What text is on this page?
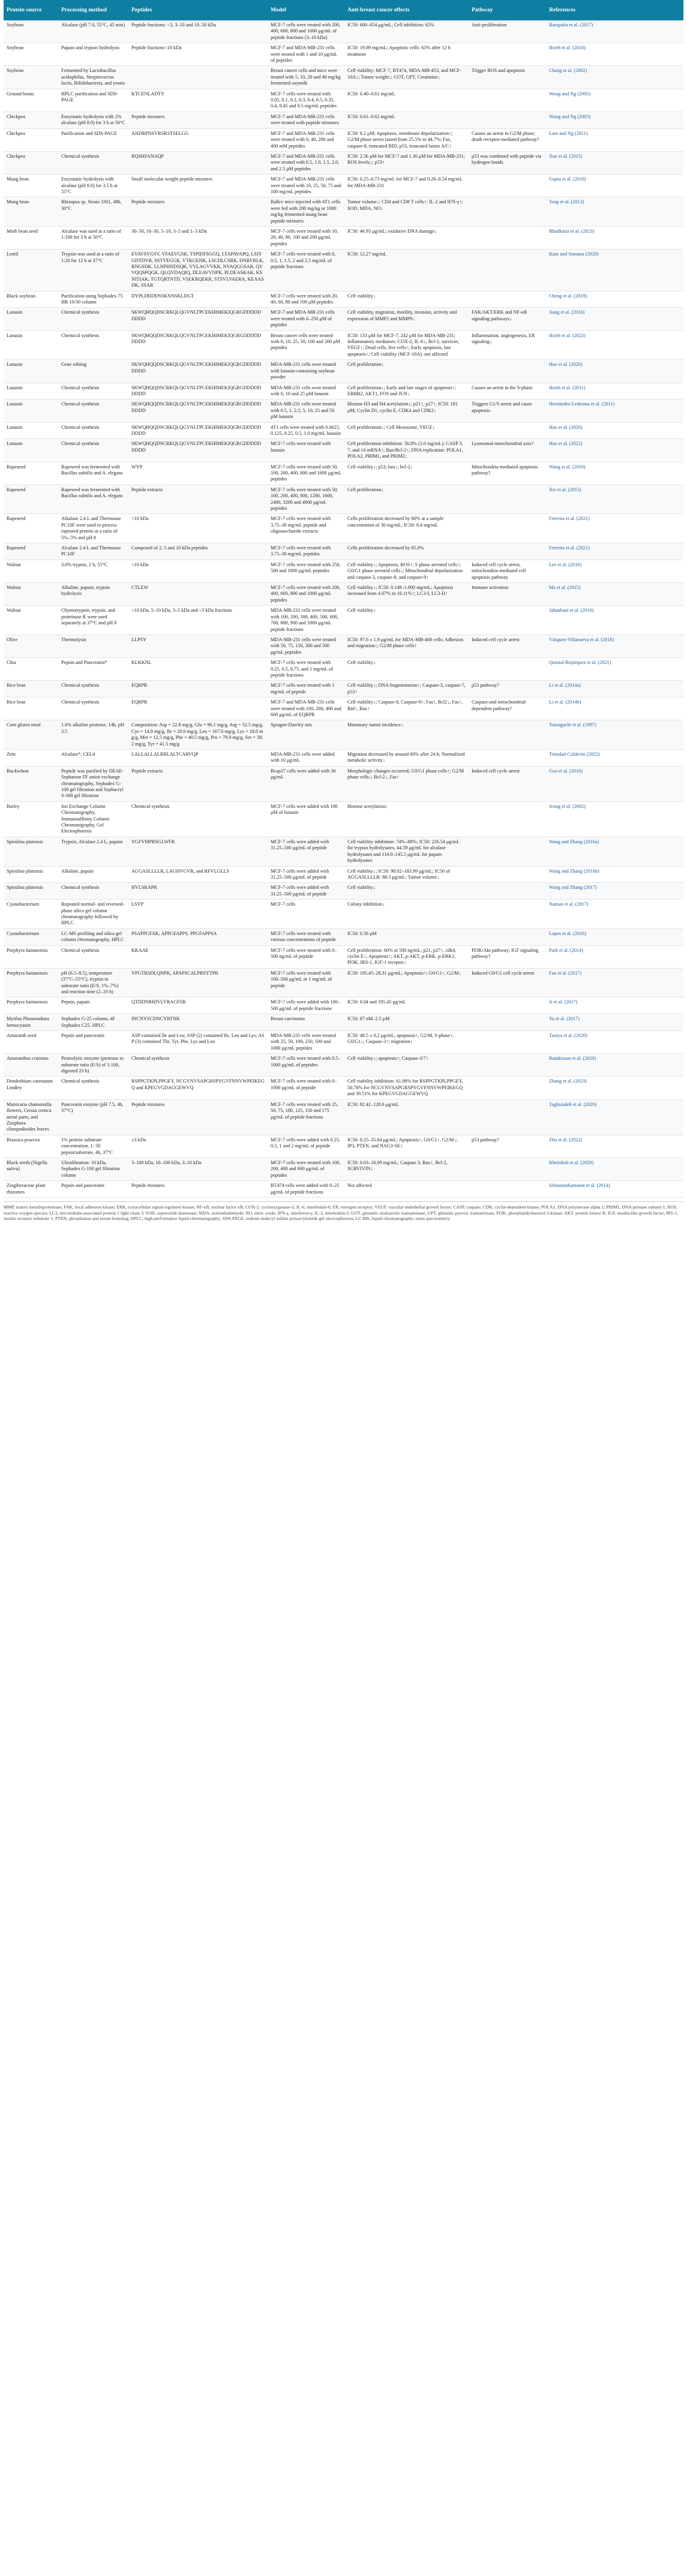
Protein source	Processing method	Peptides	Model	Anti-breast cancer effects	Pathway	References
Soybean	Alcalase (pH 7.0, 55°C, 45 min)	Peptide fractions: <3, 3–10 and 10–50 kDa	MCF-7 cells were treated with 200, 400, 600, 800 and 1000 μg/mL of peptide fractions (3–10 kDa)	IC50: 600–654 μg/mL; Cell inhibition: 65%	Anti-proliferation	Barapatia et al. (2017)
Soybean	Papain and trypsin hydrolysis	Peptide fractions<10 kDa	MCF-7 and MDA-MB-231 cells were treated with 1 and 10 μg/mL of peptides	IC50: 19.89 mg/mL; Apoptotic cells: 63% after 12 h treatment		Hsieh et al. (2016)
Soybean	Fermented by Lactobacillus acidophilus, Streptococcus lactis, Bifidobacteria, and yeasts		Breast cancer cells and mice were treated with 5, 10, 20 and 40 mg/kg fermented soymilk	Cell viability: MCF-7, BT474, MDA-MB-453, and MCF-10A↓; Tumor weight↓; GOT, GPT, Creatinine↓	Trigger ROS and apoptosis	Chang et al. (2002)
Ground beans	HPLC purification and SDS-PAGE	KTCENLADTY	MCF-7 cells were treated with 0.05, 0.1, 0.2, 0.3, 0.4, 0.5, 0.35, 0.4, 0.45 and 0.5 mg/mL peptides	IC50: 0.40–0.61 mg/mL		Wong and Ng (2005)
Chickpea	Enzymatic hydrolysis with 2% alcalase (pH 8.0) for 3 h at 50°C	Peptide mixtures	MCF-7 and MDA-MB-231 cells were treated with peptide mixtures	IC50: 0.61–0.62 mg/mL		Wong and Ng (2005)
Chickpea	Purification and SDS-PAGE	ANDRPNSVRSRSTSELGG	MCF-7 and MDA-MB-231 cells were treated with 0, 40, 200 and 400 mM peptides	IC50: 8.2 μM; Apoptosis, membrane depolarization↑; G2/M phase arrest raised from 25.5% to 44.7%; Fas, caspase-8, truncated BID, p53, truncated lamin A/C↑	Causes an arrest in G2/M phase; death receptor-mediated pathway?	Lam and Ng (2011)
Chickpea	Chemical synthesis	RQSHFANAQP	MCF-7 and MDA-MB-231 cells were treated with 0.5, 1.0, 1.5, 2.0, and 2.5 μM peptides	IC50: 2.56 μM for MCF-7 and 1.30 μM for MDA-MB-231; ROS levels↓; p53↑	p53 was combined with peptide via hydrogen bonds	Xue et al. (2015)
Mung bean	Enzymatic hydrolysis with alcalase (pH 8.0) for 3.5 h at 55°C	Small molecular weight peptide mixtures	MCF-7 and MDA-MB-231 cells were treated with 10, 25, 50, 75 and 100 mg/mL peptides	IC50: 0.25–0.73 mg/mL for MCF-7 and 0.26–0.54 mg/mL for MDA-MB-231		Gupta et al. (2018)
Mung bean	Rhizopus sp. Strain 3301, 48h, 30°C	Peptide mixtures	Balb/c mice injected with 4T1 cells were fed with 200 mg/kg or 1000 mg/kg fermented mung bean peptide mixtures	Tumor volume↓; CD4 and CD8 T cells↑; IL-2 and IFN-γ↑; SOD, MDA, NO↓		Yeap et al. (2013)
Moth bean seed	Alcalase was used at a ratio of 1:100 for 3 h at 50°C	30–50, 10–30, 5–10, 3–5 and 1–3 kDa	MCF-7 cells were treated with 10, 20, 40, 80, 100 and 200 μg/mL peptides	IC50: 46.93 μg/mL; oxidative DNA damage↓		Bhadkaria et al. (2023)
Lentil	Trypsin was used at a ratio of 1:20 for 12 h at 37°C	EVAVSVGSV, YFAEVGSK, TSPIDFSGGQ, LTAPAVAPQ, LSIYGDTDVR, SSTVEGGK, VTKGENK, LSCDLCSRK, DNRVRLK, RNGSDK, LLNPHNDSQK, VVLAGVVKK, NVAQGGSAR, QVVQQSPQGK, QLQVDAQIQ, DLEAVVNPK, PLDEASKAK, KSNITIAK, TGTQRTNTD, VSEKRQEKR, STSVLVAERA, KEAASDK, SSAR	MCF-7 cells were treated with 0, 0.5, 1, 1.5, 2 and 2.5 mg/mL of peptide fractions	IC50: 12.27 mg/mL		Kaur and Sumana (2020)
Black soybean	Purification using Sephadex 75 HR 10/30 column	DYPLDHDDSSKNNSKLDGT	MCF-7 cells were treated with 20, 40, 60, 80 and 100 μM peptides	Cell viability↓		Cheng et al. (2019)
Lunasin	Chemical synthesis	SKWQHQQDSCRKQLQGVNLTPCEKHIMEKIQGRGDDDDDDDDD	MCF-7 and MDA-MB-231 cells were treated with 0–250 μM of peptides	Cell viability, migration, motility, invasion, activity and expression of MMP2 and MMP9↓	FAK/AKT/ERK and NF-κB signaling pathways↓	Jiang et al. (2016)
Lunasin	Chemical synthesis	SKWQHQQDSCRKQLQGVNLTPCEKHIMEKIQGRGDDDDDDDDD	Breast cancer cells were treated with 0, 10, 25, 50, 100 and 200 μM peptides	IC50: 133 μM for MCF-7, 242 μM for MDA-MB-231; Inflammatory mediators: COX-2, IL-6↓; Bcl-2, survivin, VEGF↓; Dead cells, live cells↑; Early apoptosis, late apoptosis↑; Cell viability (MCF-10A): not affected	Inflammation, angiogenesis, ER signaling↓	Hsieh et al. (2023)
Lunasin	Gene editing	SKWQHQQDSCRKQLQGVNLTPCEKHIMEKIQGRGDDDDDDDDD	MDA-MB-231 cells were treated with lunasin-containing soybean powder	Cell proliferation↓		Hao et al. (2020)
Lunasin	Chemical synthesis	SKWQHQQDSCRKQLQGVNLTPCEKHIMEKIQGRGDDDDDDDDD	MDA-MB-231 cells were treated with 0, 10 and 25 μM lunasin	Cell proliferation↓; Early and late stages of apoptosis↑; ERBB2, AKT1, FOS and JUN↓	Causes an arrest in the S-phase	Hsieh et al. (2011)
Lunasin	Chemical synthesis	SKWQHQQDSCRKQLQGVNLTPCEKHIMEKIQGRGDDDDDDDDD	MDA-MB-231 cells were treated with 0.5, 1, 2.5, 5, 10, 25 and 50 μM lunasin	Histone H3 and H4 acetylation↓; p21↑, p27↑; IC50: 181 μM; Cyclin D1, cyclin E, CDK4 and CDK2↓	Triggers G1/S arrest and cause apoptosis	Hernández-Ledesma et al. (2011)
Lunasin	Chemical synthesis	SKWQHQQDSCRKQLQGVNLTPCEKHIMEKIQGRGDDDDDDDDD	4T1 cells were treated with 0.0625, 0.125, 0.25, 0.5, 1.0 mg/mL lunasin	Cell proliferation↓; Cell Mesosome, VEGF↓		Hao et al. (2020)
Lunasin	Chemical synthesis	SKWQHQQDSCRKQLQGVNLTPCEKHIMEKIQGRGDDDDDDDDD	MCF-7 cells were treated with lunasin	Cell proliferation inhibition: 56.8% (1.0 mg/mL); CASP 3, 7, and 14 mRNA↑; Bax/Bcl-2↑; DNA replication: POLA1, POLA2, PRIM1, and PRIM2↓	Lysosomal-mitochondrial axis?	Hao et al. (2022)
Rapeseed	Rapeseed was fermented with Bacillus subtilis and A. elegans	WYP	MCF-7 cells were treated with 50, 100, 200, 400, 800 and 1600 μg/mL peptides	Cell viability↓; p53, bax↑, bcl-2↓	Mitochondria-mediated apoptosis pathway?	Wang et al. (2016)
Rapeseed	Rapeseed was fermented with Bacillus subtilis and A. elegans	Peptide extracts	MCF-7 cells were treated with 50, 100, 200, 400, 800, 1200, 1600, 2400, 3200 and 4800 μg/mL peptides	Cell proliferation↓		Xie et al. (2015)
Rapeseed	Alkalase 2.4 L and Thermoase PC10F were used to process rapeseed protein at a ratio of 5%–5% and pH 8	<10 kDa	MCF-7 cells were treated with 3.75–30 mg/mL peptide and oligosaccharide extracts	Cells proliferation decreased by 80% at a sample concentration of 30 mg/mL; IC50: 8.4 mg/mL		Ferreira et al. (2021)
Rapeseed	Alcalase 2.4 L and Thermoase PC10F	Composed of 2, 5 and 10 kDa peptides	MCF-7 cells were treated with 3.75–30 mg/mL peptides	Cells proliferation decreased by 85.0%		Ferreira et al. (2021)
Walnut	3.0% trypsin, 2 h, 55°C	<10 kDa	MCF-7 cells were treated with 250, 500 and 1000 μg/mL peptides	Cell viability↓; Apoptosis, ROS↑; S phase arrested cells↑; G0/G1 phase arrested cells↓; Mitochondrial depolarization and caspase-3, caspase-8, and caspase-9↑	Induced cell cycle arrest, mitochondria-mediated cell apoptosis pathway	Lee et al. (2016)
Walnut	Alkaline, papain, trypsin hydrolysis	CTLEW	MCF-7 cells were treated with 200, 400, 600, 800 and 1000 μg/mL peptides	Cell viability↓; IC50: 0.149–1.000 mg/mL; Apoptosis increased from 4.07% to 16.11%↑; LC3-I, LC3-II↑	Immune activation	Ma et al. (2015)
Walnut	Chymotrypsin, trypsin, and proteinase K were used separately at 37°C and pH 8	<10 kDa, 5–10 kDa, 3–5 kDa and <3 kDa fractions	MDA-MB-231 cells were treated with 100, 200, 300, 400, 500, 600, 700, 800, 900 and 1000 μg/mL peptide fractions	Cell viability↓		Jahanbani et al. (2016)
Olive	Thermolysin	LLPSY	MDA-MB-231 cells were treated with 50, 75, 150, 300 and 500 μg/mL peptides	IC50: 97.6 ± 1.9 μg/mL for MDA-MB-468 cells; Adhesion and migration↓; G2/M phase cells↑	Induced cell cycle arrest	Vásquez-Villanueva et al. (2018)
Chia	Pepsin and Pancreatin*	KLKKNL	MCF-7 cells were treated with 0.25, 0.5, 0.75, and 1 mg/mL of peptide fractions	Cell viability↓		Quintal-Bojórquez et al. (2021)
Rice bran	Chemical synthesis	EQRPR	MCF-7 cells were treated with 1 mg/mL of peptide	Cell viability↓; DNA fragmentation↑; Caspase-3, caspase-7, p53↑	p53 pathway?	Li et al. (2014a)
Rice bran	Chemical synthesis	EQRPR	MCF-7 and MDA-MB-231 cells were treated with 100, 200, 400 and 600 μg/mL of EQRPR	Cell viability↓; Caspase-8, Caspase-9↑; Fas↑, Bcl2↓, Fas↑, Bid↑, Bax↑	Caspase-and mitochondrial-dependent pathway?	Li et al. (2014b)
Corn gluten meal	1.6% alkaline protease, 14h, pH 3.5	Composition: Asp = 22.8 mg/g, Glu = 96.1 mg/g, Arg = 52.5 mg/g, Cys = 14.9 mg/g, Ile = 20.0 mg/g, Leu = 167.0 mg/g, Lys = 18.0 mg/g, Met = 12.5 mg/g, Phe = 40.5 mg/g, Pro = 79.9 mg/g, Ser = 38.2 mg/g, Tyr = 41.5 mg/g	Sprague-Dawley rats	Mammary tumor incidence↓		Yamaguchi et al. (1997)
Zein	Alcalase*; CEL4	LALLALLALRRLALTCARVQP	MDA-MB-231 cells were added with 10 μg/mL	Migration decreased by around 60% after 24 h; Normalized metabolic activity↓		Trinidad-Calderón (2022)
Buckwheat	Peptide was purified by DEAE-Sepharose FF anion exchange chromatography, Sephadex G-100 gel filtration and Sephacryl S-300 gel filtration	Peptide extracts	Bcap37 cells were added with 30 μg/mL	Morphologic changes occurred; G0/G1 phase cells↑; G2/M phase cells↓; Bcl-2↓, Fas↑	Induced cell cycle arrest	Guo et al. (2010)
Barley	Ion Exchange Column Chromatography, Immunoaffinity Column Chromatography, Gel Electrophoresis	Chemical synthesis	MCF-7 cells were added with 100 μM of lunasin	Histone acetylation↓		Jeong et al. (2002)
Spirulina platensis	Trypsin, Alcalase 2.4 L, papain	YGFVMPRSGLWFR	MCF-7 cells were added with 31.25–500 μg/mL of peptide	Cell viability inhibition: 74%–88%; IC50: 226.54 μg/mL for trypsin hydrolysates, 44.59 μg/mL for alcalase hydrolysates and 114.0–145.5 μg/mL for papain hydrolysates		Wang and Zhang (2016a)
Spirulina platensis	Alkaline, papain	AGGASLLLLR, LAGHVGVR, and RFVLGLLS	MCF-7 cells were added with 31.25–500 μg/mL of peptide	Cell viability↓; IC50: 98.02–183.99 μg/mL; IC50 of AGGASLLLLR: 88.3 μg/mL; Tumor volume↓		Wang and Zhang (2016b)
Spirulina platensis	Chemical synthesis	HVLSRAPR	MCF-7 cells were added with 31.25–500 μg/mL of peptide	Cell viability↓		Wang and Zhang (2017)
Cyanobacterium	Repeated normal- and reversed-phase silica gel column chromatography followed by HPLC	LSYP	MCF-7 cells	Colony inhibition↓		Naman et al. (2017)
Cyanobacterium	LC-MS profiling and silica gel column chromatography, HPLC	PSAPPGFAK, APPGFAPPS, PPGFAPPSA	MCF-7 cells were treated with various concentrations of peptide	IC50: 0.56 μM		Lopes et al. (2016)
Porphyra haitanensis	Chemical synthesis	KKAAE	MCF-7 cells were treated with 0–500 ng/mL of peptide	Cell proliferation: 60% at 500 ng/mL; p21, p27↑, cdk4, cyclin E↓; Apoptosis↑; AKT, p-AKT, p-ERK, p-ERK1, PI3K, IRS-1, IGF-1 receptor↓	PI3K/Akt pathway; IGF signaling pathway?	Park et al. (2014)
Porphyra haitanensis	pH (6.5–8.5), temperature (37°C–55°C), trypsin to substrate ratio (E/S, 1%–7%) and reaction time (2–10 h)	YPGTRSDLQNPK, APAPSCALPRSYTPR	MCF-7 cells were treated with 100–500 μg/mL or 1 mg/mL of peptide	IC50: 195.45–28.31 μg/mL; Apoptosis↑; G0/G1↑, G2/M↓	Induced G0/G1 cell cycle arrest	Fan et al. (2017)
Porphyra haitanensis	Pepsin, papain	QTDDNRHIVLVRAGFSR	MCF-7 cells were added with 100–500 μg/mL of peptide fractions	IC50: 0.04 and 195.45 μg/mL		Ji et al. (2017)
Mytilus Phonoradiata hemocyanin	Sephadex G-25 column, 4F Sephadex C25, HPLC	INCNYSCDNCYRTNK	Breast carcinoma	IC50: 87 nM–2.5 μM		Yu et al. (2017)
Amaranth seed	Pepsin and pancreatin	ASP contained Ile and Leu; ASP (2) contained Ile, Leu and Lys; ASP (3) contained Thr, Tyr, Phe, Lys and Leu	MDA-MB-231 cells were treated with 25, 50, 100, 250, 500 and 1000 μg/mL peptides	IC50: 48.5 ± 0.2 μg/mL; apoptosis↑, G2/M, S-phase↑, G0/G1↓; Caspase-3↑; migration↓		Taniya et al. (2020)
Amaranthus cruentus	Proteolytic enzyme (protease to substrate ratio (E/S) of 1:100, digested 23 h)	Chemical synthesis	MCF-7 cells were treated with 0.5–1000 μg/mL of peptides	Cell viability↓; apoptosis↑; Caspase-3/7↑		Ramkisson et al. (2020)
Dendrobium catenatum Lindley	Chemical synthesis	RSPPGTKPLPPGEY, NCGVNVSAPGRSPYGVFNNVWPEIKEGQ and KPEGVGDAGGEWVQ	MCF-7 cells were treated with 0–1000 μg/mL of peptide	Cell viability inhibition: 61.88% for RSPPGTKPLPPGEY, 50.78% for NCGVNVSAPGRSPYGVFNNVWPEIKEGQ and 39.51% for KPEGVGDAGGEWVQ		Zhang et al. (2023)
Matricaria chamomilla flowers, Cressa cretica aerial parts, and Ziziphora clinopodioides leaves	Pancreatin enzyme (pH 7.5, 4h, 37°C)	Peptide mixtures	MCF-7 cells were treated with 25, 50, 75, 100, 125, 150 and 175 μg/mL of peptide fractions	IC50: 82.42–128.6 μg/mL		Taghizadeh et al. (2020)
Brassica praecox	1% protein substrate concentration, 1: 50 pepsin/substrate, 4h, 37°C	≤3 kDa	MCF-7 cells were added with 0.25, 0.5, 1 and 2 mg/mL of peptide	IC50: 0.25–35.64 μg/mL; Apoptosis↑; G0/G1↑, G2/M↓; IP3, PTEN, and NAG3-SE↑	p53 pathway?	Zhu et al. (2022)
Black seeds (Nigella sativa)	Ultrafiltration: 10 kDa, Sephadex G-100 gel filtration column	3–100 kDa, 10–100 kDa, 3–10 kDa	MCF-7 cells were treated with 100, 200, 400 and 600 μg/mL of peptides	IC50: 0.63–16.09 mg/mL; Caspase 3, Bax↑, Bcl-2, SURVIVIN↓		Kheirdish et al. (2020)
Zingiberaceae plant rhizomes	Pepsin and pancreatin	Peptide mixtures	BT474 cells were added with 0–25 μg/mL of peptide fractions	Not affected		Sithunnathamanut et al. (2014)
MMP, matrix metalloproteinase; FAK, focal adhesion kinase; ERK, extracellular signal-regulated kinase; NF-κB, nuclear factor κB; COX-2, cyclooxygenase-2; IL-6, interleukin-6; ER, estrogen receptor; VEGF, vascular endothelial growth factor; CASP, caspase; CDK, cyclin-dependent kinase; POLA1, DNA polymerase alpha 1; PRIM1, DNA primase subunit 1; ROS, reactive oxygen species; LC3, microtubule-associated protein 1 light chain 3; SOD, superoxide dismutase; MDA, malondialdehyde; NO, nitric oxide; IFN-γ, interferon-γ; IL-2, interleukin-2; GOT, glutamic oxaloacetic transaminase; GPT, glutamic pyruvic transaminase; PI3K, phosphatidylinositol 3-kinase; AKT, protein kinase B; IGF, insulin-like growth factor; IRS-1, insulin receptor substrate 1; PTEN, phosphatase and tensin homolog; HPLC, high-performance liquid chromatography; SDS-PAGE, sodium dodecyl sulfate polyacrylamide gel electrophoresis; LC-MS, liquid chromatography–mass spectrometry.
